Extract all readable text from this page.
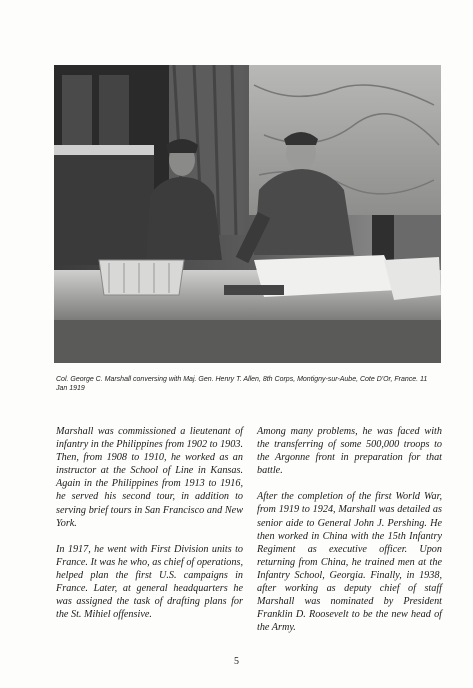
Col. George C. Marshall conversing with Maj. Gen. Henry T. Allen, 8th Corps, Montigny-sur-Aube, Cote D'Or, France. 11 Jan 1919

Marshall was commissioned a lieutenant of infantry in the Philippines from 1902 to 1903. Then, from 1908 to 1910, he worked as an instructor at the School of Line in Kansas. Again in the Philippines from 1913 to 1916, he served his second tour, in addition to serving brief tours in San Francisco and New York.

In 1917, he went with First Division units to France. It was he who, as chief of operations, helped plan the first U.S. campaigns in France. Later, at general headquarters he was assigned the task of drafting plans for the St. Mihiel offensive.

Among many problems, he was faced with the transferring of some 500,000 troops to the Argonne front in preparation for that battle.

After the completion of the first World War, from 1919 to 1924, Marshall was detailed as senior aide to General John J. Pershing. He then worked in China with the 15th Infantry Regiment as executive officer. Upon returning from China, he trained men at the Infantry School, Georgia. Finally, in 1938, after working as deputy chief of staff Marshall was nominated by President Franklin D. Roosevelt to be the new head of the Army.

5
